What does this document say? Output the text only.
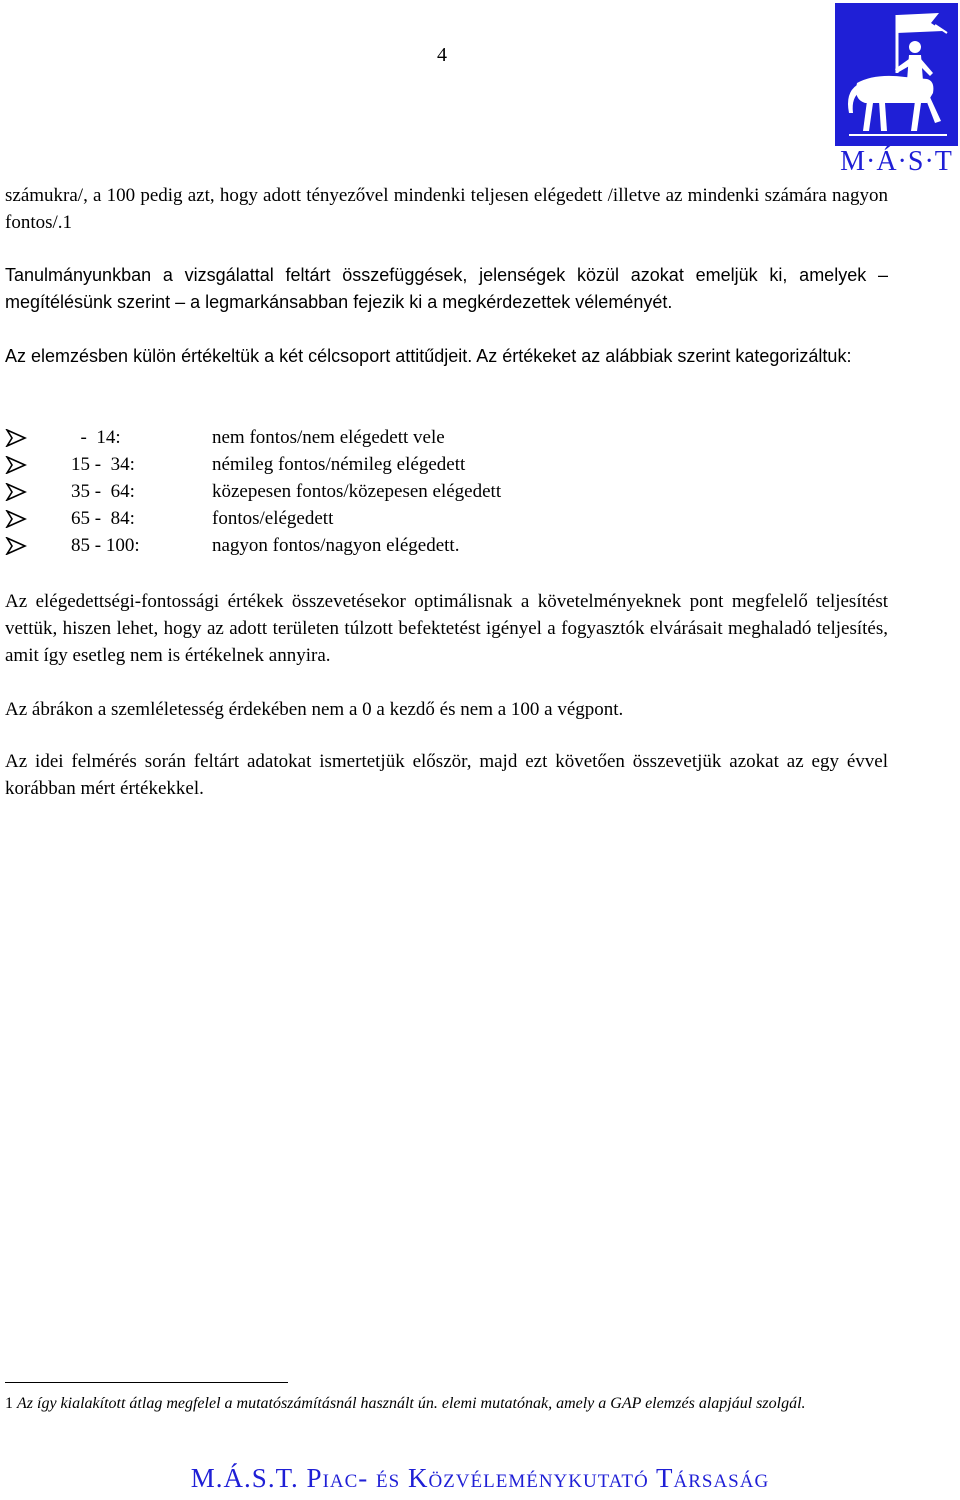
4
M·Á·S·T
számukra/, a 100 pedig azt, hogy adott tényezővel mindenki teljesen elégedett /illetve az mindenki számára nagyon fontos/.1
Tanulmányunkban a vizsgálattal feltárt összefüggések, jelenségek közül azokat emeljük ki, amelyek – megítélésünk szerint – a legmarkánsabban fejezik ki a megkérdezettek véleményét.
Az elemzésben külön értékeltük a két célcsoport attitűdjeit. Az értékeket az alábbiak szerint kategorizáltuk:
-  14:	nem fontos/nem elégedett vele
15 -  34:	némileg fontos/némileg elégedett
35 -  64:	közepesen fontos/közepesen elégedett
65 -  84:	fontos/elégedett
85 - 100:	nagyon fontos/nagyon elégedett.
Az elégedettségi-fontossági értékek összevetésekor optimálisnak a követelményeknek pont megfelelő teljesítést vettük, hiszen lehet, hogy az adott területen túlzott befektetést igényel a fogyasztók elvárásait meghaladó teljesítés, amit így esetleg nem is értékelnek annyira.
Az ábrákon a szemléletesség érdekében nem a 0 a kezdő és nem a 100 a végpont.
Az idei felmérés során feltárt adatokat ismertetjük először, majd ezt követően összevetjük azokat az egy évvel korábban mért értékekkel.
1 Az így kialakított átlag megfelel a mutatószámításnál használt ún. elemi mutatónak, amely a GAP elemzés alapjául szolgál.
M.Á.S.T. Piac- és Közvéleménykutató Társaság
